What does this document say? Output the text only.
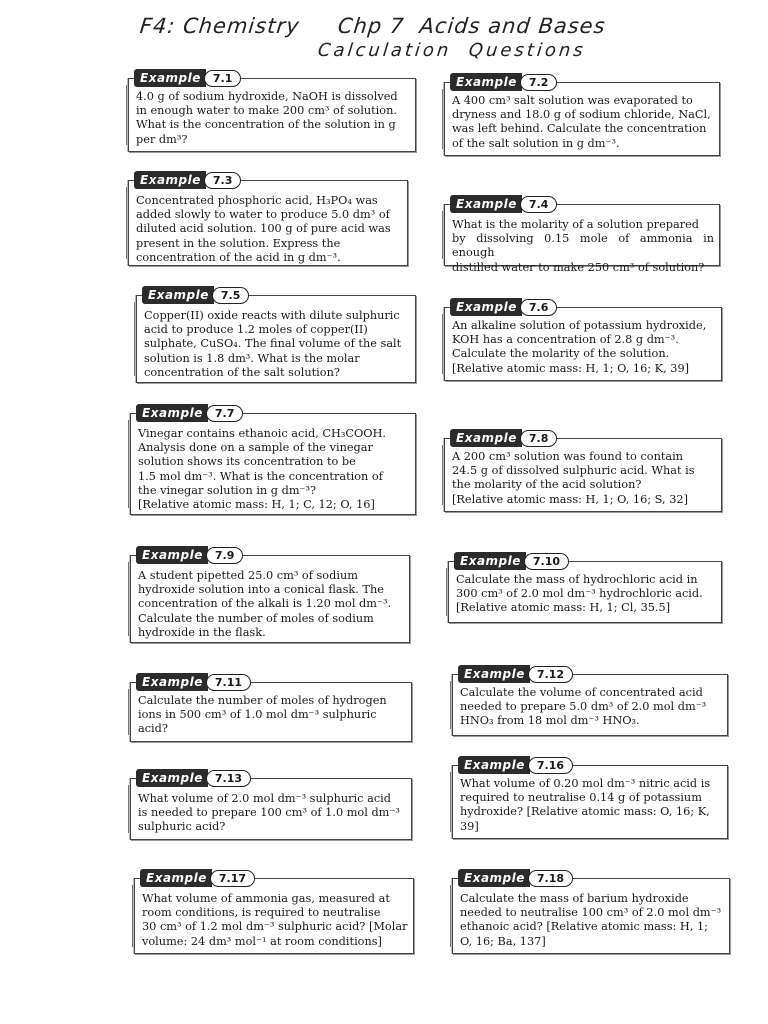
F4: Chemistry     Chp 7  Acids and Bases
Calculation  Questions
Example	7.1
4.0 g of sodium hydroxide, NaOH is dissolved
in enough water to make 200 cm³ of solution.
What is the concentration of the solution in g
per dm³?
Example	7.3
Concentrated phosphoric acid, H₃PO₄ was
added slowly to water to produce 5.0 dm³ of
diluted acid solution. 100 g of pure acid was
present in the solution. Express the
concentration of the acid in g dm⁻³.
Example	7.5
Copper(II) oxide reacts with dilute sulphuric
acid to produce 1.2 moles of copper(II)
sulphate, CuSO₄. The final volume of the salt
solution is 1.8 dm³. What is the molar
concentration of the salt solution?
Example	7.7
Vinegar contains ethanoic acid, CH₃COOH.
Analysis done on a sample of the vinegar
solution shows its concentration to be
1.5 mol dm⁻³. What is the concentration of
the vinegar solution in g dm⁻³?
[Relative atomic mass: H, 1; C, 12; O, 16]
Example	7.9
A student pipetted 25.0 cm³ of sodium
hydroxide solution into a conical flask. The
concentration of the alkali is 1.20 mol dm⁻³.
Calculate the number of moles of sodium
hydroxide in the flask.
Example	7.11
Calculate the number of moles of hydrogen
ions in 500 cm³ of 1.0 mol dm⁻³ sulphuric
acid?
Example	7.13
What volume of 2.0 mol dm⁻³ sulphuric acid
is needed to prepare 100 cm³ of 1.0 mol dm⁻³
sulphuric acid?
Example	7.17
What volume of ammonia gas, measured at
room conditions, is required to neutralise
30 cm³ of 1.2 mol dm⁻³ sulphuric acid? [Molar
volume: 24 dm³ mol⁻¹ at room conditions]
Example	7.2
A 400 cm³ salt solution was evaporated to
dryness and 18.0 g of sodium chloride, NaCl,
was left behind. Calculate the concentration
of the salt solution in g dm⁻³.
Example	7.4
What is the molarity of a solution prepared
by dissolving 0.15 mole of ammonia in enough
distilled water to make 250 cm³ of solution?
Example	7.6
An alkaline solution of potassium hydroxide,
KOH has a concentration of 2.8 g dm⁻³.
Calculate the molarity of the solution.
[Relative atomic mass: H, 1; O, 16; K, 39]
Example	7.8
A 200 cm³ solution was found to contain
24.5 g of dissolved sulphuric acid. What is
the molarity of the acid solution?
[Relative atomic mass: H, 1; O, 16; S, 32]
Example	7.10
Calculate the mass of hydrochloric acid in
300 cm³ of 2.0 mol dm⁻³ hydrochloric acid.
[Relative atomic mass: H, 1; Cl, 35.5]
Example	7.12
Calculate the volume of concentrated acid
needed to prepare 5.0 dm³ of 2.0 mol dm⁻³
HNO₃ from 18 mol dm⁻³ HNO₃.
Example	7.16
What volume of 0.20 mol dm⁻³ nitric acid is
required to neutralise 0.14 g of potassium
hydroxide? [Relative atomic mass: O, 16; K,
39]
Example	7.18
Calculate the mass of barium hydroxide
needed to neutralise 100 cm³ of 2.0 mol dm⁻³
ethanoic acid? [Relative atomic mass: H, 1;
O, 16; Ba, 137]
